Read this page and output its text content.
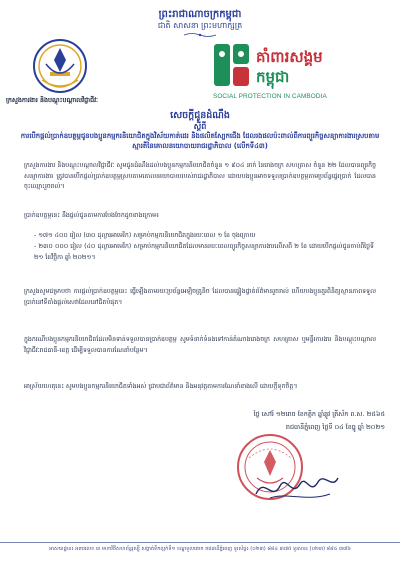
ព្រះរាជាណាចក្រកម្ពុជា
ជាតិ សាសនា ព្រះមហាក្សត្រ
ក្រសួងការងារ និងបណ្ដុះបណ្ដាលវិជ្ជាជីវៈ
គាំពារសង្គម
កម្ពុជា
SOCIAL PROTECTION IN CAMBODIA
សេចក្ដីជូនដំណឹង
ស្ដីពី
ការបើកផ្ដល់ប្រាក់ឧបត្ថម្ភជូនបងប្អូនកម្មករនិយោជិតក្នុងវិស័យកាត់ដេរ និងផលិតស្បែកជើង ដែលរងផលប៉ះពាល់ពីការព្យួរកិច្ចសន្យាការងារស្របតាមស្មារតីនៃគោលនយោបាយរាជរដ្ឋាភិបាល (លើកទី៤៣)
ក្រសួងការងារ និងបណ្ដុះបណ្ដាលវិជ្ជាជីវៈ សូមជូនដំណឹងដល់បងប្អូនកម្មករនិយោជិតចំនួន ១ ៩០៤ នាក់ នៃរោងចក្រ សហគ្រាស ចំនួន ២២ ដែលបានព្យួរកិច្ចសន្យាការងារ ត្រូវបានបើកផ្ដល់ប្រាក់ឧបត្ថម្ភស្របតាមគោលនយោបាយរបស់រាជរដ្ឋាភិបាល ដោយបងប្អូនអាចទទួលប្រាក់ឧបត្ថម្ភតាមប្រព័ន្ធផ្ទេរប្រាក់ ដែលបានចុះឈ្មោះរួចរាល់។
ប្រាក់ឧបត្ថម្ភនេះ នឹងផ្ដល់ជូនតាមការបែងចែកដូចខាងក្រោម៖
- ១៧១ ៤០០ រៀល (៣០ ដុល្លារអាមេរិក) សម្រាប់កម្មករនិយោជិតក្នុងរយៈពេល ១ ខែ ចុងក្រោយ
- ២៣០ ០០០ រៀល (៤០ ដុល្លារអាមេរិក) សម្រាប់កម្មករនិយោជិតដែលមានរយៈពេលព្យួរកិច្ចសន្យាការងារលើសពី ២ ខែ ដោយបើកផ្ដល់ជូនចាប់ពីថ្ងៃទី ២១ ខែវិច្ឆិកា ឆ្នាំ ២០២១។
ក្រសួងសូមជម្រាបថា ការផ្ដល់ប្រាក់ឧបត្ថម្ភនេះ ធ្វើឡើងតាមរយៈប្រព័ន្ធអេឡិចត្រូនិច ដែលបានផ្ទៀងផ្ទាត់ព័ត៌មានរួចរាល់ ហើយបងប្អូនគួរពិនិត្យស្ថានភាពទទួលប្រាក់នៅទីតាំងផ្ដល់សេវាដែលនៅជិតបំផុត។
ក្នុងករណីបងប្អូនកម្មករនិយោជិតដែលមិនទាន់ទទួលបានប្រាក់ឧបត្ថម្ភ សូមទំនាក់ទំនងទៅកាន់តំណាងរោងចក្រ សហគ្រាស ឬមន្ទីរការងារ និងបណ្ដុះបណ្ដាលវិជ្ជាជីវៈរាជធានី-ខេត្ត ដើម្បីទទួលបានការណែនាំបន្ថែម។
អាស្រ័យហេតុនេះ សូមបងប្អូនកម្មករនិយោជិតទាំងអស់ ជ្រាបជាព័ត៌មាន និងអនុវត្តតាមការណែនាំខាងលើ ដោយក្ដីទុកចិត្ត។
ថ្ងៃ សៅរ៍ ១២រោច ខែកត្តិក ឆ្នាំឆ្លូវ ត្រីស័ក ព.ស. ២៥៦៥
រាជធានីភ្នំពេញ ថ្ងៃទី ០៤ ខែធ្នូ ឆ្នាំ ២០២១
អាសយដ្ឋាន៖ អគារលេខ ៣ មហាវិថីសហព័ន្ធរុស្ស៊ី សង្កាត់ទឹកល្អក់ទី១ ខណ្ឌទួលគោក រាជធានីភ្នំពេញ ទូរស័ព្ទ៖ (០២៣) ៨៨៤ ៣៧៥ ទូរសារ៖ (០២៣) ៨៨៤ ៣៧៦
